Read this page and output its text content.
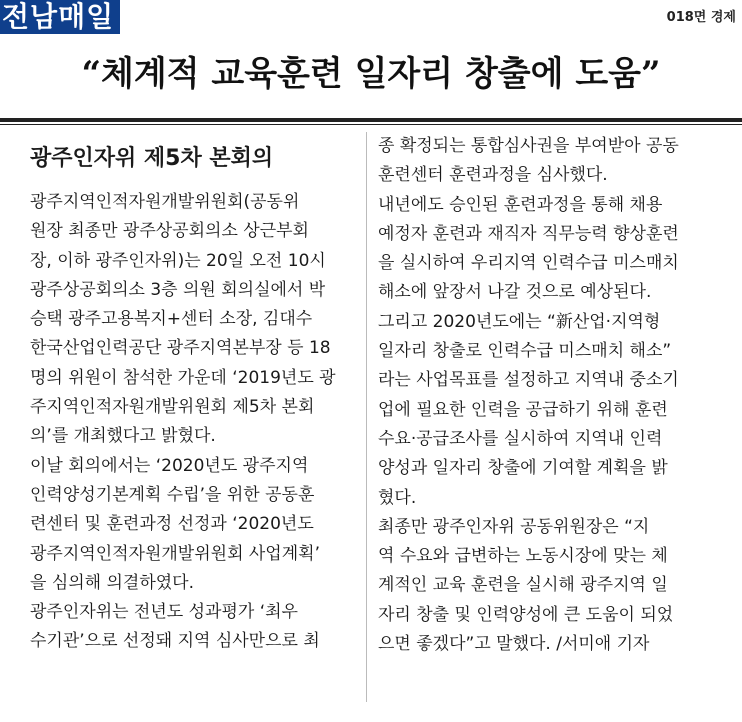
전남매일	018면 경제
“체계적 교육훈련 일자리 창출에 도움”
광주인자위 제5차 본회의
광주지역인적자원개발위원회(공동위
원장 최종만 광주상공회의소 상근부회
장, 이하 광주인자위)는 20일 오전 10시
광주상공회의소 3층 의원 회의실에서 박
승택 광주고용복지+센터 소장, 김대수
한국산업인력공단 광주지역본부장 등 18
명의 위원이 참석한 가운데 ‘2019년도 광
주지역인적자원개발위원회 제5차 본회
의’를 개최했다고 밝혔다.
이날 회의에서는 ‘2020년도 광주지역
인력양성기본계획 수립’을 위한 공동훈
련센터 및 훈련과정 선정과 ‘2020년도
광주지역인적자원개발위원회 사업계획’
을 심의해 의결하였다.
광주인자위는 전년도 성과평가 ‘최우
수기관’으로 선정돼 지역 심사만으로 최
종 확정되는 통합심사권을 부여받아 공동
훈련센터 훈련과정을 심사했다.
내년에도 승인된 훈련과정을 통해 채용
예정자 훈련과 재직자 직무능력 향상훈련
을 실시하여 우리지역 인력수급 미스매치
해소에 앞장서 나갈 것으로 예상된다.
그리고 2020년도에는 “新산업·지역형
일자리 창출로 인력수급 미스매치 해소”
라는 사업목표를 설정하고 지역내 중소기
업에 필요한 인력을 공급하기 위해 훈련
수요·공급조사를 실시하여 지역내 인력
양성과 일자리 창출에 기여할 계획을 밝
혔다.
최종만 광주인자위 공동위원장은 “지
역 수요와 급변하는 노동시장에 맞는 체
계적인 교육 훈련을 실시해 광주지역 일
자리 창출 및 인력양성에 큰 도움이 되었
으면 좋겠다”고 말했다. /서미애 기자
